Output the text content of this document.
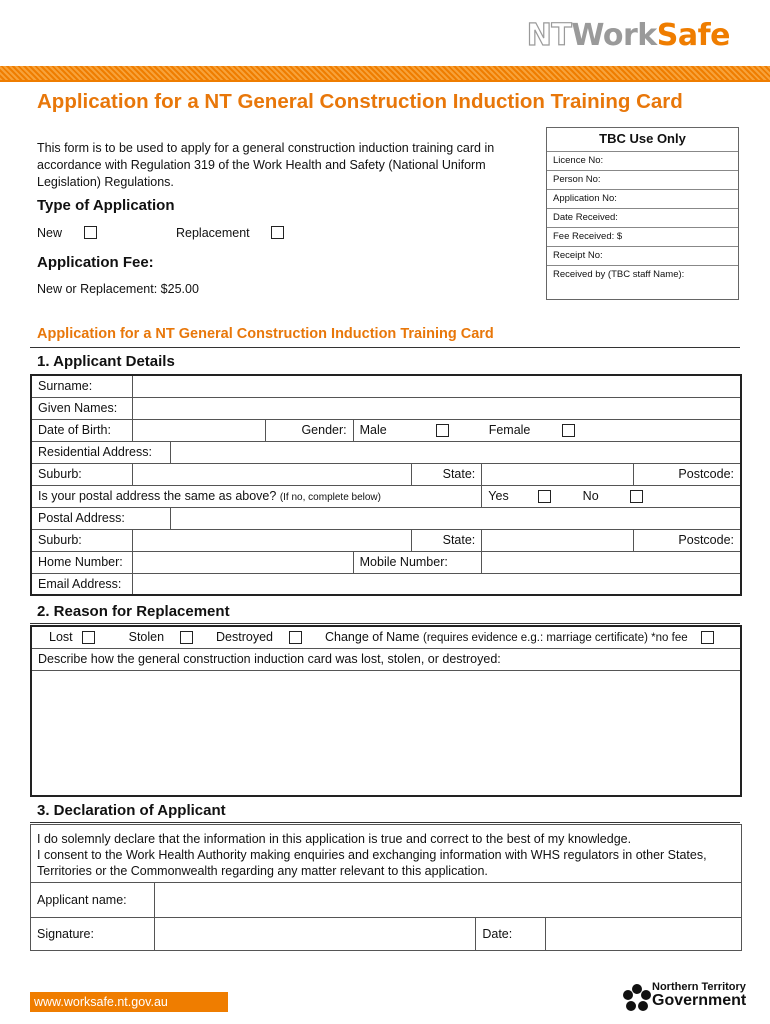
NTWorkSafe
Application for a NT General Construction Induction Training Card
This form is to be used to apply for a general construction induction training card in accordance with Regulation 319 of the Work Health and Safety (National Uniform Legislation) Regulations.
Type of Application
New	Replacement
Application Fee:
New or Replacement: $25.00
TBC Use Only
Licence No:
Person No:
Application No:
Date Received:
Fee Received: $
Receipt No:
Received by (TBC staff Name):
Application for a NT General Construction Induction Training Card
1. Applicant Details
Surname:							
Given Names:							
Date of Birth:			Gender:	Male Female			
Residential Address:							
Suburb:					State:		Postcode:
Is your postal address the same as above? (If no, complete below)						Yes No	
Postal Address:							
Suburb:					State:		Postcode:
Home Number:				Mobile Number:			
Email Address:							
2. Reason for Replacement
Lost	Stolen	Destroyed	Change of Name (requires evidence e.g.: marriage certificate) *no fee
Describe how the general construction induction card was lost, stolen, or destroyed:

3. Declaration of Applicant
I do solemnly declare that the information in this application is true and correct to the best of my knowledge.
I consent to the Work Health Authority making enquiries and exchanging information with WHS regulators in other States, Territories or the Commonwealth regarding any matter relevant to this application.			

Applicant name:			
Signature:		Date:	
www.worksafe.nt.gov.au
Northern Territory
Government
